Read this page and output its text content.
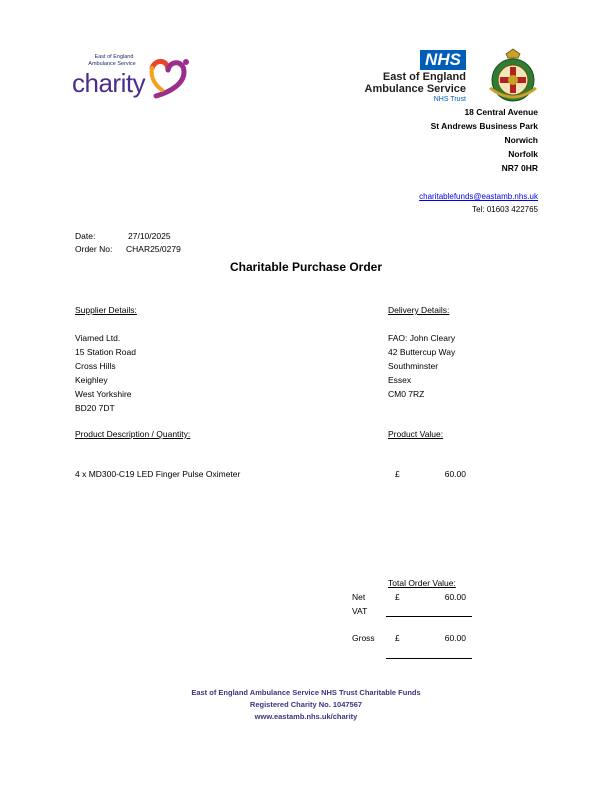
East of England
Ambulance Service
charity
NHS
East of England
Ambulance Service
NHS Trust
18 Central Avenue
St Andrews Business Park
Norwich
Norfolk
NR7 0HR
charitablefunds@eastamb.nhs.uk
Tel: 01603 422765
Date:	27/10/2025
Order No: CHAR25/0279
Charitable Purchase Order
Supplier Details:	Delivery Details:
Viamed Ltd.
15 Station Road
Cross Hills
Keighley
West Yorkshire
BD20 7DT
FAO: John Cleary
42 Buttercup Way
Southminster
Essex
CM0 7RZ
Product Description / Quantity:	Product Value:
4 x MD300-C19 LED Finger Pulse Oximeter	£	60.00
Total Order Value:
Net	£	60.00
VAT
Gross £	60.00
East of England Ambulance Service NHS Trust Charitable Funds
Registered Charity No. 1047567
www.eastamb.nhs.uk/charity
